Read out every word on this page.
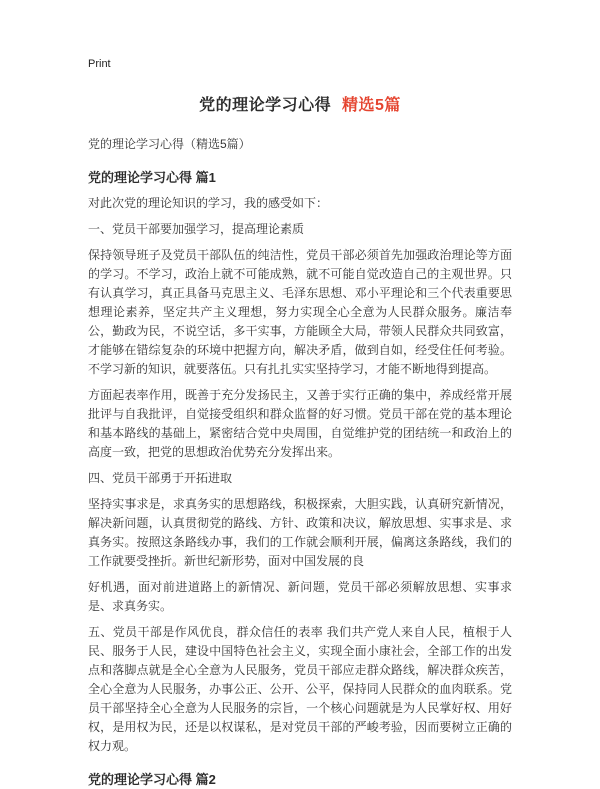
Print
党的理论学习心得 精选5篇

党的理论学习心得（精选5篇）

党的理论学习心得 篇1

对此次党的理论知识的学习，我的感受如下：

一、党员干部要加强学习，提高理论素质

保持领导班子及党员干部队伍的纯洁性，党员干部必须首先加强政治理论等方面的学习。不学习，政治上就不可能成熟，就不可能自觉改造自己的主观世界。只有认真学习，真正具备马克思主义、毛泽东思想、邓小平理论和三个代表重要思想理论素养，坚定共产主义理想，努力实现全心全意为人民群众服务。廉洁奉公，勤政为民，不说空话，多干实事，方能顾全大局，带领人民群众共同致富，才能够在错综复杂的环境中把握方向，解决矛盾，做到自如，经受住任何考验。不学习新的知识，就要落伍。只有扎扎实实坚持学习，才能不断地得到提高。

方面起表率作用，既善于充分发扬民主，又善于实行正确的集中，养成经常开展批评与自我批评，自觉接受组织和群众监督的好习惯。党员干部在党的基本理论和基本路线的基础上，紧密结合党中央周围，自觉维护党的团结统一和政治上的高度一致，把党的思想政治优势充分发挥出来。

四、党员干部勇于开拓进取

坚持实事求是，求真务实的思想路线，积极探索，大胆实践，认真研究新情况，解决新问题，认真贯彻党的路线、方针、政策和决议，解放思想、实事求是、求真务实。按照这条路线办事，我们的工作就会顺利开展，偏离这条路线，我们的工作就要受挫折。新世纪新形势，面对中国发展的良

好机遇，面对前进道路上的新情况、新问题，党员干部必须解放思想、实事求是、求真务实。

五、党员干部是作风优良，群众信任的表率 我们共产党人来自人民，植根于人民、服务于人民，建设中国特色社会主义，实现全面小康社会，全部工作的出发点和落脚点就是全心全意为人民服务，党员干部应走群众路线，解决群众疾苦，全心全意为人民服务，办事公正、公开、公平，保持同人民群众的血肉联系。党员干部坚持全心全意为人民服务的宗旨，一个核心问题就是为人民掌好权、用好权，是用权为民，还是以权谋私，是对党员干部的严峻考验，因而要树立正确的权力观。

党的理论学习心得 篇2
